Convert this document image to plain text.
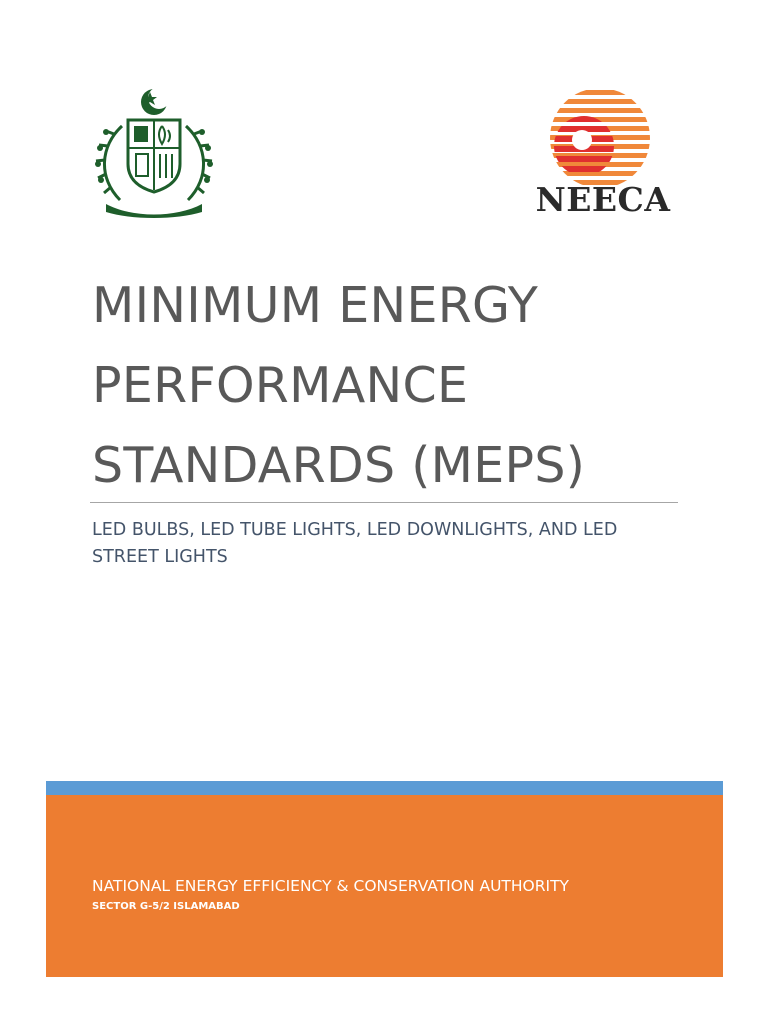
NEECA
MINIMUM ENERGY
PERFORMANCE
STANDARDS (MEPS)

LED BULBS, LED TUBE LIGHTS, LED DOWNLIGHTS, AND LED
STREET LIGHTS

NATIONAL ENERGY EFFICIENCY & CONSERVATION AUTHORITY

SECTOR G-5/2 ISLAMABAD
